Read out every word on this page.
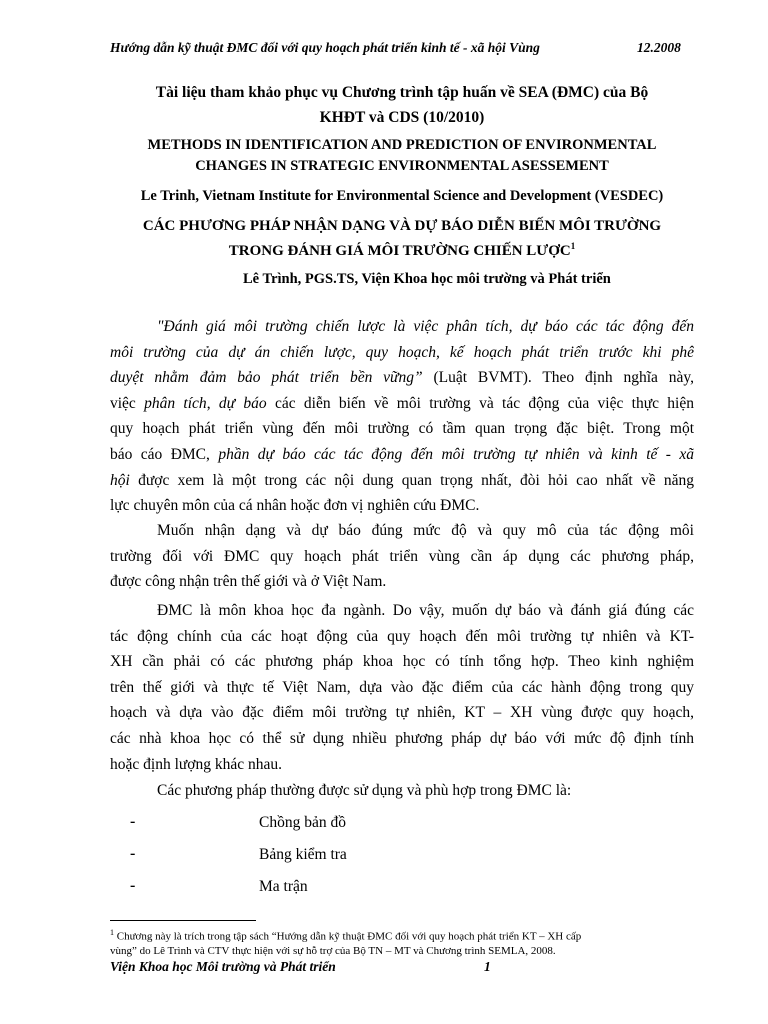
Hướng dẫn kỹ thuật ĐMC đối với quy hoạch phát triển kinh tế - xã hội Vùng	12.2008
Tài liệu tham khảo phục vụ Chương trình tập huấn về SEA (ĐMC) của Bộ
KHĐT và CDS (10/2010)
METHODS IN IDENTIFICATION AND PREDICTION OF ENVIRONMENTAL
CHANGES IN STRATEGIC ENVIRONMENTAL ASESSEMENT
Le Trinh, Vietnam Institute for Environmental Science and Development (VESDEC)
CÁC PHƯƠNG PHÁP NHẬN DẠNG VÀ DỰ BÁO DIỄN BIẾN MÔI TRƯỜNG
TRONG ĐÁNH GIÁ MÔI TRƯỜNG CHIẾN LƯỢC$^1$
Lê Trình, PGS.TS, Viện Khoa học môi trường và Phát triển
"Đánh giá môi trường chiến lược là việc phân tích, dự báo các tác động đến
môi trường của dự án chiến lược, quy hoạch, kế hoạch phát triển trước khi phê
duyệt nhằm đảm bảo phát triển bền vững” (Luật BVMT). Theo định nghĩa này,
việc phân tích, dự báo các diễn biến về môi trường và tác động của việc thực hiện
quy hoạch phát triển vùng đến môi trường có tầm quan trọng đặc biệt. Trong một
báo cáo ĐMC, phần dự báo các tác động đến môi trường tự nhiên và kinh tế - xã
hội được xem là một trong các nội dung quan trọng nhất, đòi hỏi cao nhất về năng
lực chuyên môn của cá nhân hoặc đơn vị nghiên cứu ĐMC.
Muốn nhận dạng và dự báo đúng mức độ và quy mô của tác động môi
trường đối với ĐMC quy hoạch phát triển vùng cần áp dụng các phương pháp,
được công nhận trên thế giới và ở Việt Nam.
ĐMC là môn khoa học đa ngành. Do vậy, muốn dự báo và đánh giá đúng các
tác động chính của các hoạt động của quy hoạch đến môi trường tự nhiên và KT-
XH cần phải có các phương pháp khoa học có tính tổng hợp. Theo kinh nghiệm
trên thế giới và thực tế Việt Nam, dựa vào đặc điểm của các hành động trong quy
hoạch và dựa vào đặc điểm môi trường tự nhiên, KT – XH vùng được quy hoạch,
các nhà khoa học có thể sử dụng nhiều phương pháp dự báo với mức độ định tính
hoặc định lượng khác nhau.
Các phương pháp thường được sử dụng và phù hợp trong ĐMC là:
-	Chồng bản đồ
-	Bảng kiểm tra
-	Ma trận
$^1$ Chương này là trích trong tập sách “Hướng dẫn kỹ thuật ĐMC đối với quy hoạch phát triển KT – XH cấp
vùng” do Lê Trình và CTV thực hiện với sự hỗ trợ của Bộ TN – MT và Chương trình SEMLA, 2008.
Viện Khoa học Môi trường và Phát triển	1
